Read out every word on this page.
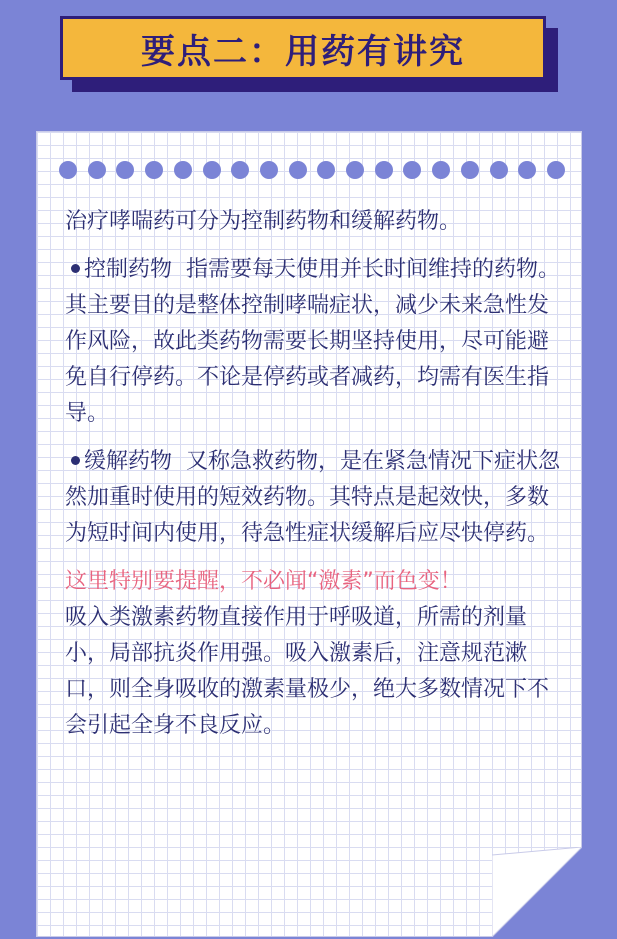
要点二：用药有讲究

治疗哮喘药可分为控制药物和缓解药物。

控制药物 指需要每天使用并长时间维持的药物。其主要目的是整体控制哮喘症状，减少未来急性发作风险，故此类药物需要长期坚持使用，尽可能避免自行停药。不论是停药或者减药，均需有医生指导。

缓解药物 又称急救药物，是在紧急情况下症状忽然加重时使用的短效药物。其特点是起效快，多数为短时间内使用，待急性症状缓解后应尽快停药。

这里特别要提醒，不必闻“激素”而色变！
吸入类激素药物直接作用于呼吸道，所需的剂量小，局部抗炎作用强。吸入激素后，注意规范漱口，则全身吸收的激素量极少，绝大多数情况下不会引起全身不良反应。
